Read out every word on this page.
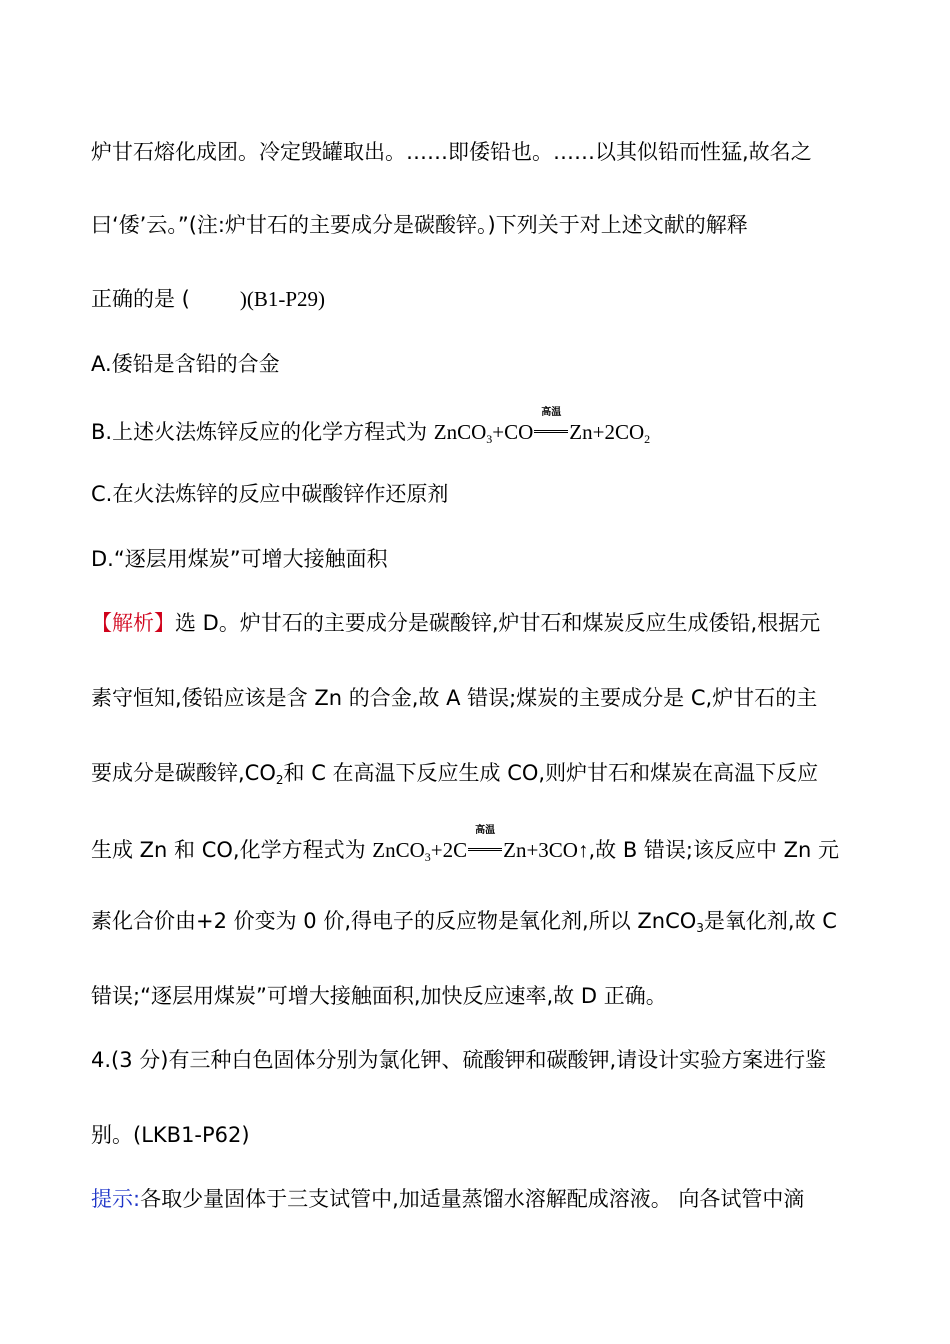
炉甘石熔化成团。冷定毁罐取出。……即倭铅也。……以其似铅而性猛,故名之
曰‘倭’云。”(注:炉甘石的主要成分是碳酸锌。)下列关于对上述文献的解释
正确的是 ( )(B1-P29)
A.倭铅是含铅的合金
B.上述火法炼锌反应的化学方程式为 ZnCO$_3$+CO
高温
$Zn+2CO_2$
C.在火法炼锌的反应中碳酸锌作还原剂
D.“逐层用煤炭”可增大接触面积
【解析】选 D。炉甘石的主要成分是碳酸锌,炉甘石和煤炭反应生成倭铅,根据元
素守恒知,倭铅应该是含 Zn 的合金,故 A 错误;煤炭的主要成分是 C,炉甘石的主
要成分是碳酸锌$,CO_2$和 C 在高温下反应生成 CO,则炉甘石和煤炭在高温下反应
生成 Zn 和 CO,化学方程式为 ZnCO$_3$+2C
高温
Zn+3CO↑,故 B 错误;该反应中 Zn 元
素化合价由+2 价变为 0 价,得电子的反应物是氧化剂,所以 ZnCO$_3$是氧化剂,故 C
错误;“逐层用煤炭”可增大接触面积,加快反应速率,故 D 正确。
4.(3 分)有三种白色固体分别为氯化钾、硫酸钾和碳酸钾,请设计实验方案进行鉴
别。(LKB1-P62)
提示:各取少量固体于三支试管中,加适量蒸馏水溶解配成溶液。 向各试管中滴
